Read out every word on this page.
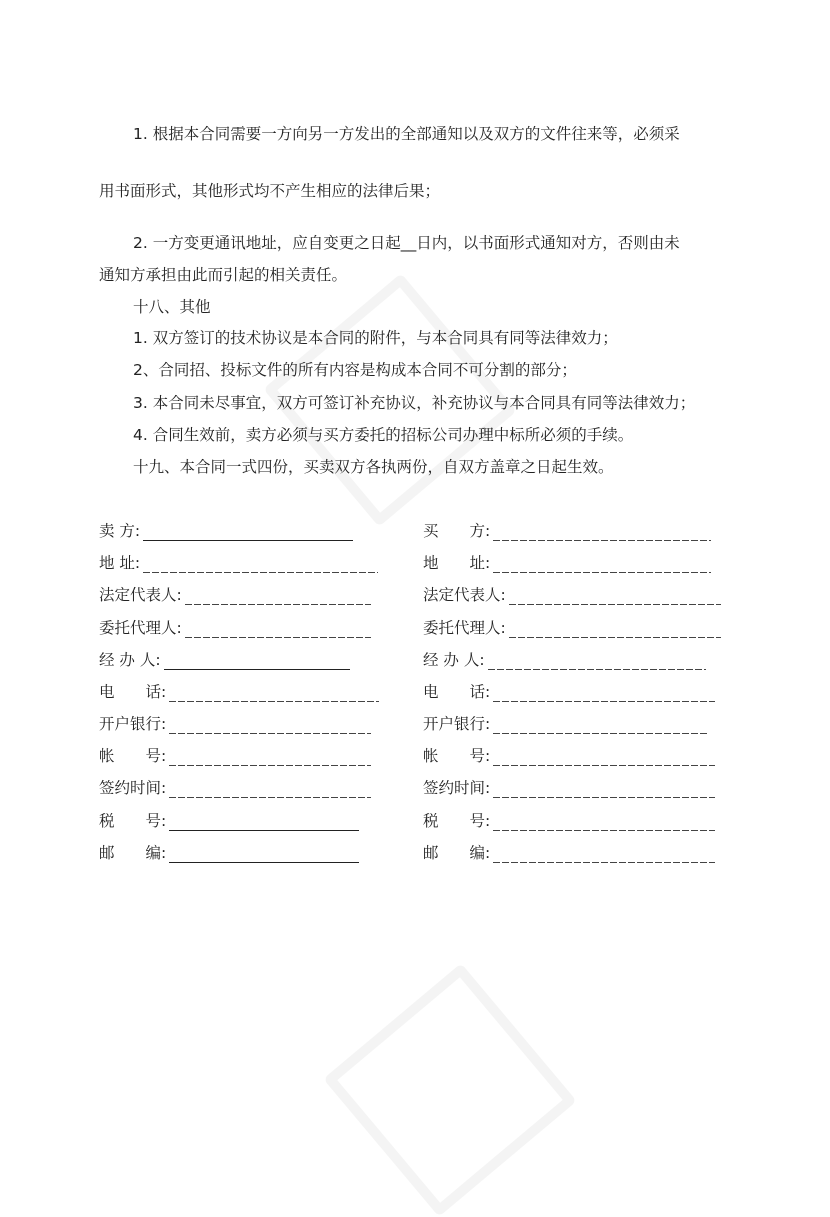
1. 根据本合同需要一方向另一方发出的全部通知以及双方的文件往来等，必须采
用书面形式，其他形式均不产生相应的法律后果；
2. 一方变更通讯地址，应自变更之日起__日内，以书面形式通知对方，否则由未
通知方承担由此而引起的相关责任。
十八、其他
1. 双方签订的技术协议是本合同的附件，与本合同具有同等法律效力；
2、合同招、投标文件的所有内容是构成本合同不可分割的部分；
3. 本合同未尽事宜，双方可签订补充协议，补充协议与本合同具有同等法律效力；
4. 合同生效前，卖方必须与买方委托的招标公司办理中标所必须的手续。
十九、本合同一式四份，买卖双方各执两份，自双方盖章之日起生效。
卖 方:
地 址:
法定代表人:
委托代理人:
经 办 人:
电　　话:
开户银行:
帐　　号:
签约时间:
税　　号:
邮　　编:
买　　方:
地　　址:
法定代表人:
委托代理人:
经 办 人:
电　　话:
开户银行:
帐　　号:
签约时间:
税　　号:
邮　　编:
